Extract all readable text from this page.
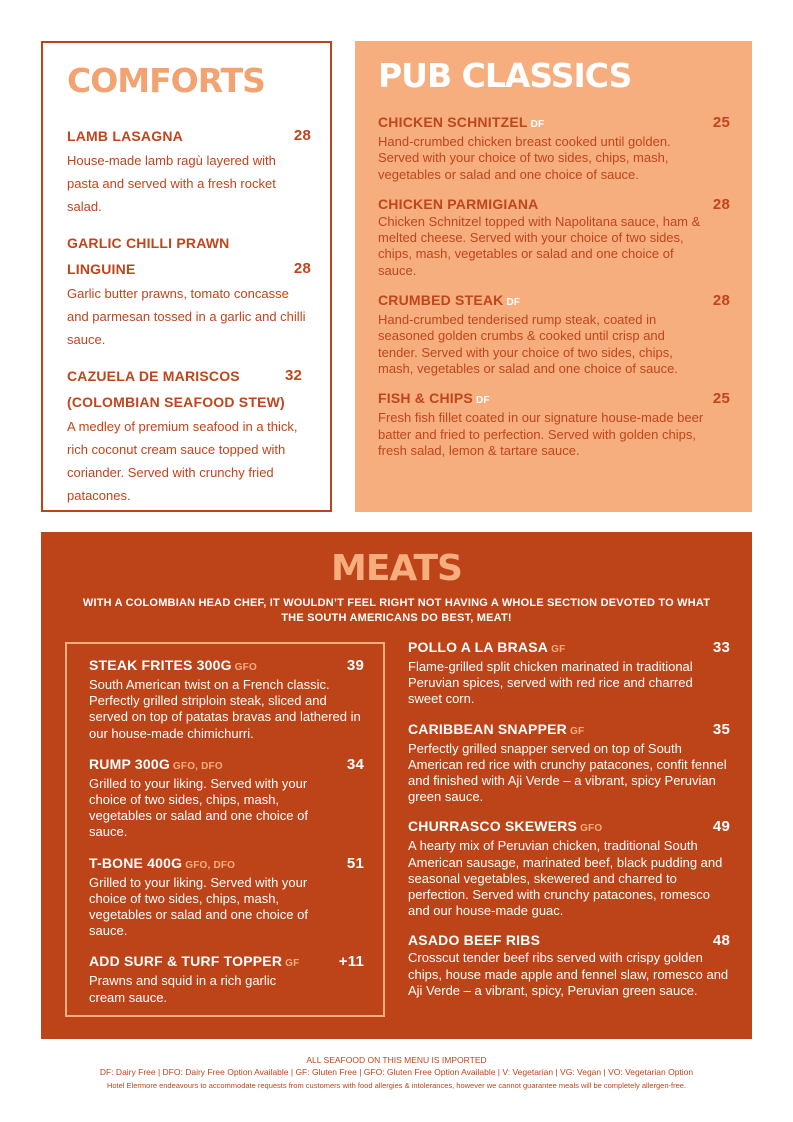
COMFORTS
LAMB LASAGNA	28
House-made lamb ragù layered with pasta and served with a fresh rocket salad.
GARLIC CHILLI PRAWN LINGUINE	28
Garlic butter prawns, tomato concasse and parmesan tossed in a garlic and chilli sauce.
CAZUELA DE MARISCOS (COLOMBIAN SEAFOOD STEW)
32
A medley of premium seafood in a thick, rich coconut cream sauce topped with coriander. Served with crunchy fried patacones.
PUB CLASSICS
CHICKEN SCHNITZEL DF	25
Hand-crumbed chicken breast cooked until golden. Served with your choice of two sides, chips, mash, vegetables or salad and one choice of sauce.
CHICKEN PARMIGIANA	28
Chicken Schnitzel topped with Napolitana sauce, ham & melted cheese. Served with your choice of two sides, chips, mash, vegetables or salad and one choice of sauce.
CRUMBED STEAK DF	28
Hand-crumbed tenderised rump steak, coated in seasoned golden crumbs & cooked until crisp and tender. Served with your choice of two sides, chips, mash, vegetables or salad and one choice of sauce.
FISH & CHIPS DF	25
Fresh fish fillet coated in our signature house-made beer batter and fried to perfection. Served with golden chips, fresh salad, lemon & tartare sauce.
MEATS

WITH A COLOMBIAN HEAD CHEF, IT WOULDN’T FEEL RIGHT NOT HAVING A WHOLE SECTION DEVOTED TO WHAT THE SOUTH AMERICANS DO BEST, MEAT!

STEAK FRITES 300G GFO	39
South American twist on a French classic. Perfectly grilled striploin steak, sliced and served on top of patatas bravas and lathered in our house-made chimichurri.
RUMP 300G GFO, DFO	34
Grilled to your liking. Served with your choice of two sides, chips, mash, vegetables or salad and one choice of sauce.
T-BONE 400G GFO, DFO	51
Grilled to your liking. Served with your choice of two sides, chips, mash, vegetables or salad and one choice of sauce.
ADD SURF & TURF TOPPER GF	+11
Prawns and squid in a rich garlic cream sauce.
POLLO A LA BRASA GF	33
Flame-grilled split chicken marinated in traditional Peruvian spices, served with red rice and charred sweet corn.
CARIBBEAN SNAPPER GF	35
Perfectly grilled snapper served on top of South American red rice with crunchy patacones, confit fennel and finished with Aji Verde – a vibrant, spicy Peruvian green sauce.
CHURRASCO SKEWERS GFO	49
A hearty mix of Peruvian chicken, traditional South American sausage, marinated beef, black pudding and seasonal vegetables, skewered and charred to perfection. Served with crunchy patacones, romesco and our house-made guac.
ASADO BEEF RIBS	48
Crosscut tender beef ribs served with crispy golden chips, house made apple and fennel slaw, romesco and Aji Verde – a vibrant, spicy, Peruvian green sauce.
ALL SEAFOOD ON THIS MENU IS IMPORTED
DF: Dairy Free | DFO: Dairy Free Option Available | GF: Gluten Free | GFO: Gluten Free Option Available | V: Vegetarian | VG: Vegan | VO: Vegetarian Option
Hotel Elermore endeavours to accommodate requests from customers with food allergies & intolerances, however we cannot guarantee meals will be completely allergen-free.
